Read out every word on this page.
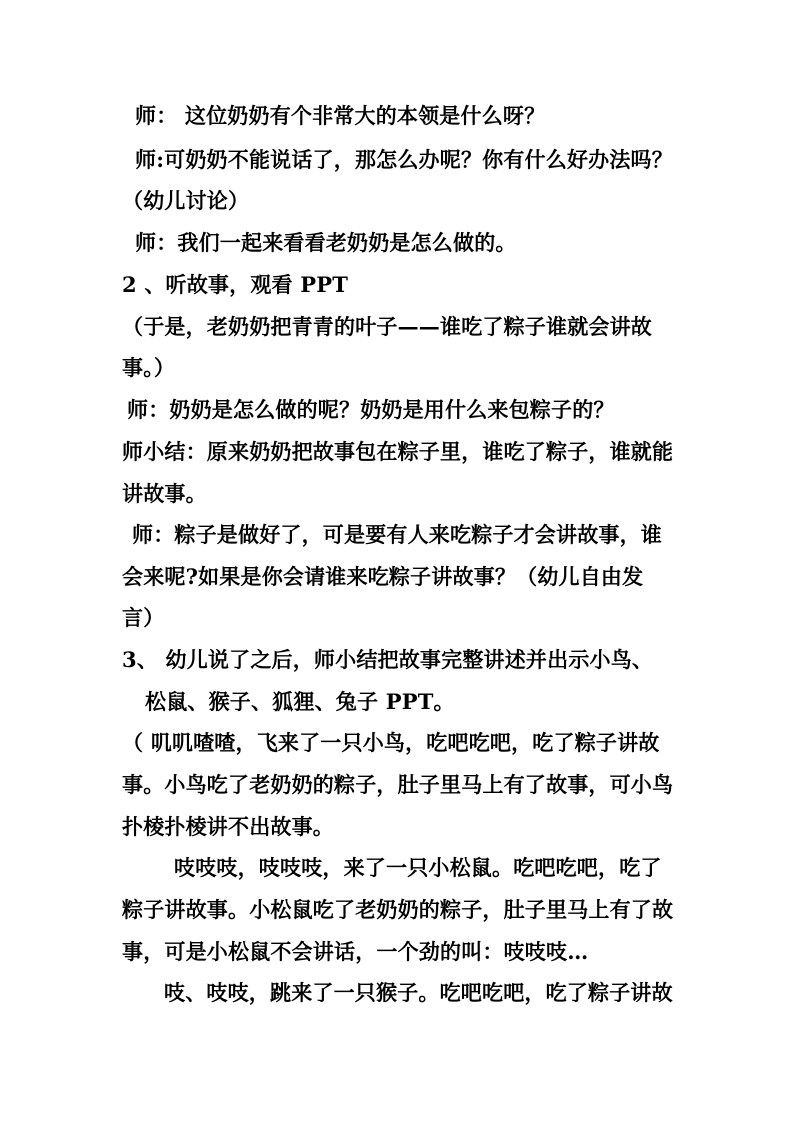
师： 这位奶奶有个非常大的本领是什么呀？
师:可奶奶不能说话了，那怎么办呢？你有什么好办法吗？
（幼儿讨论）
师：我们一起来看看老奶奶是怎么做的。
2 、听故事，观看 PPT
（于是，老奶奶把青青的叶子——谁吃了粽子谁就会讲故
事。）
师：奶奶是怎么做的呢？奶奶是用什么来包粽子的？
师小结：原来奶奶把故事包在粽子里，谁吃了粽子，谁就能
讲故事。
师：粽子是做好了，可是要有人来吃粽子才会讲故事，谁
会来呢?如果是你会请谁来吃粽子讲故事？（幼儿自由发
言）
3、 幼儿说了之后，师小结把故事完整讲述并出示小鸟、
松鼠、猴子、狐狸、兔子 PPT。
（ 叽叽喳喳，飞来了一只小鸟，吃吧吃吧，吃了粽子讲故
事。小鸟吃了老奶奶的粽子，肚子里马上有了故事，可小鸟
扑棱扑棱讲不出故事。
吱吱吱，吱吱吱，来了一只小松鼠。吃吧吃吧，吃了
粽子讲故事。小松鼠吃了老奶奶的粽子，肚子里马上有了故
事，可是小松鼠不会讲话，一个劲的叫：吱吱吱…
吱、吱吱，跳来了一只猴子。吃吧吃吧，吃了粽子讲故
